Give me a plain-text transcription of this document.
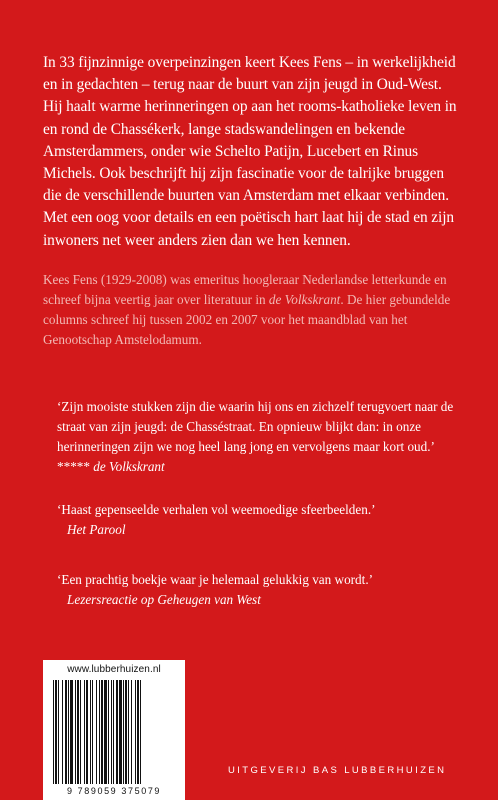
In 33 fijnzinnige overpeinzingen keert Kees Fens – in werkelijkheid en in gedachten – terug naar de buurt van zijn jeugd in Oud-West. Hij haalt warme herinneringen op aan het rooms-katholieke leven in en rond de Chassékerk, lange stadswandelingen en bekende Amsterdammers, onder wie Schelto Patijn, Lucebert en Rinus Michels. Ook beschrijft hij zijn fascinatie voor de talrijke bruggen die de verschillende buurten van Amsterdam met elkaar verbinden. Met een oog voor details en een poëtisch hart laat hij de stad en zijn inwoners net weer anders zien dan we hen kennen.

Kees Fens (1929-2008) was emeritus hoogleraar Nederlandse letterkunde en schreef bijna veertig jaar over literatuur in de Volkskrant. De hier gebundelde columns schreef hij tussen 2002 en 2007 voor het maandblad van het Genootschap Amstelodamum.

‘Zijn mooiste stukken zijn die waarin hij ons en zichzelf terugvoert naar de straat van zijn jeugd: de Chasséstraat. En opnieuw blijkt dan: in onze herinneringen zijn we nog heel lang jong en vervolgens maar kort oud.’ ***** de Volkskrant
‘Haast gepenseelde verhalen vol weemoedige sfeerbeelden.’
Het Parool
‘Een prachtig boekje waar je helemaal gelukkig van wordt.’
Lezersreactie op Geheugen van West
www.lubberhuizen.nl
9 789059 375079
UITGEVERIJ BAS LUBBERHUIZEN
